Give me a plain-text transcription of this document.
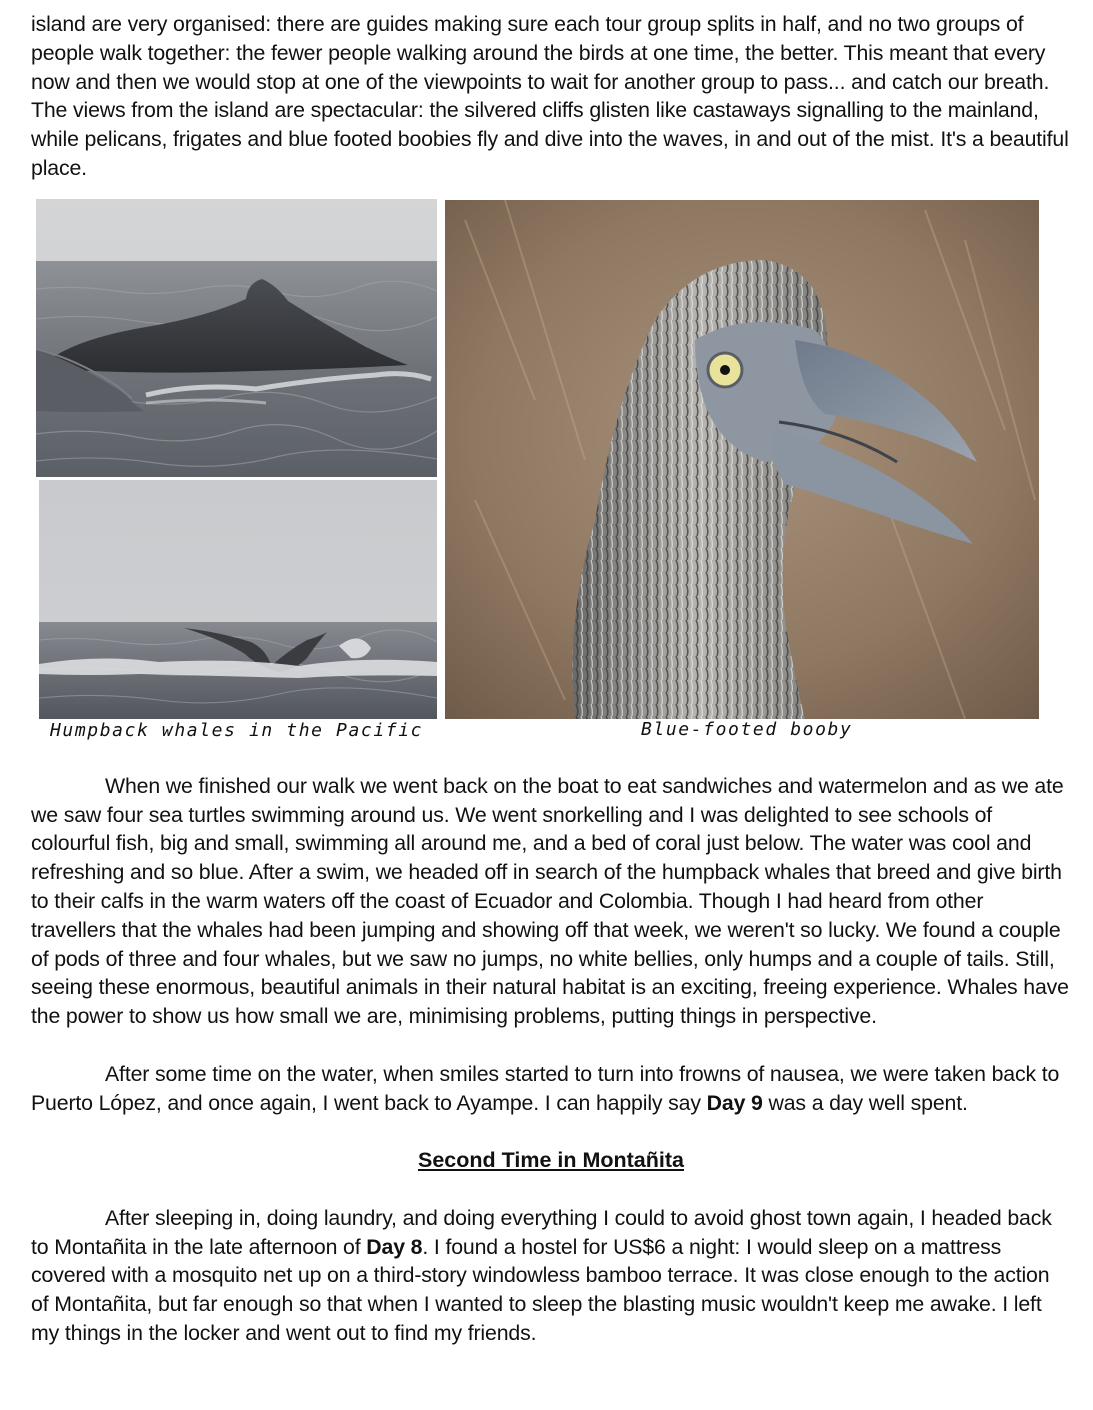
island are very organised: there are guides making sure each tour group splits in half, and no two groups of people walk together: the fewer people walking around the birds at one time, the better. This meant that every now and then we would stop at one of the viewpoints to wait for another group to pass... and catch our breath. The views from the island are spectacular: the silvered cliffs glisten like castaways signalling to the mainland, while pelicans, frigates and blue footed boobies fly and dive into the waves, in and out of the mist. It's a beautiful place.

Humpback whales in the Pacific	Blue-footed booby

When we finished our walk we went back on the boat to eat sandwiches and watermelon and as we ate we saw four sea turtles swimming around us. We went snorkelling and I was delighted to see schools of colourful fish, big and small, swimming all around me, and a bed of coral just below. The water was cool and refreshing and so blue. After a swim, we headed off in search of the humpback whales that breed and give birth to their calfs in the warm waters off the coast of Ecuador and Colombia. Though I had heard from other travellers that the whales had been jumping and showing off that week, we weren't so lucky. We found a couple of pods of three and four whales, but we saw no jumps, no white bellies, only humps and a couple of tails. Still, seeing these enormous, beautiful animals in their natural habitat is an exciting, freeing experience. Whales have the power to show us how small we are, minimising problems, putting things in perspective.

After some time on the water, when smiles started to turn into frowns of nausea, we were taken back to Puerto López, and once again, I went back to Ayampe. I can happily say Day 9 was a day well spent.

Second Time in Montañita

After sleeping in, doing laundry, and doing everything I could to avoid ghost town again, I headed back to Montañita in the late afternoon of Day 8. I found a hostel for US$6 a night: I would sleep on a mattress covered with a mosquito net up on a third-story windowless bamboo terrace. It was close enough to the action of Montañita, but far enough so that when I wanted to sleep the blasting music wouldn't keep me awake. I left my things in the locker and went out to find my friends.
